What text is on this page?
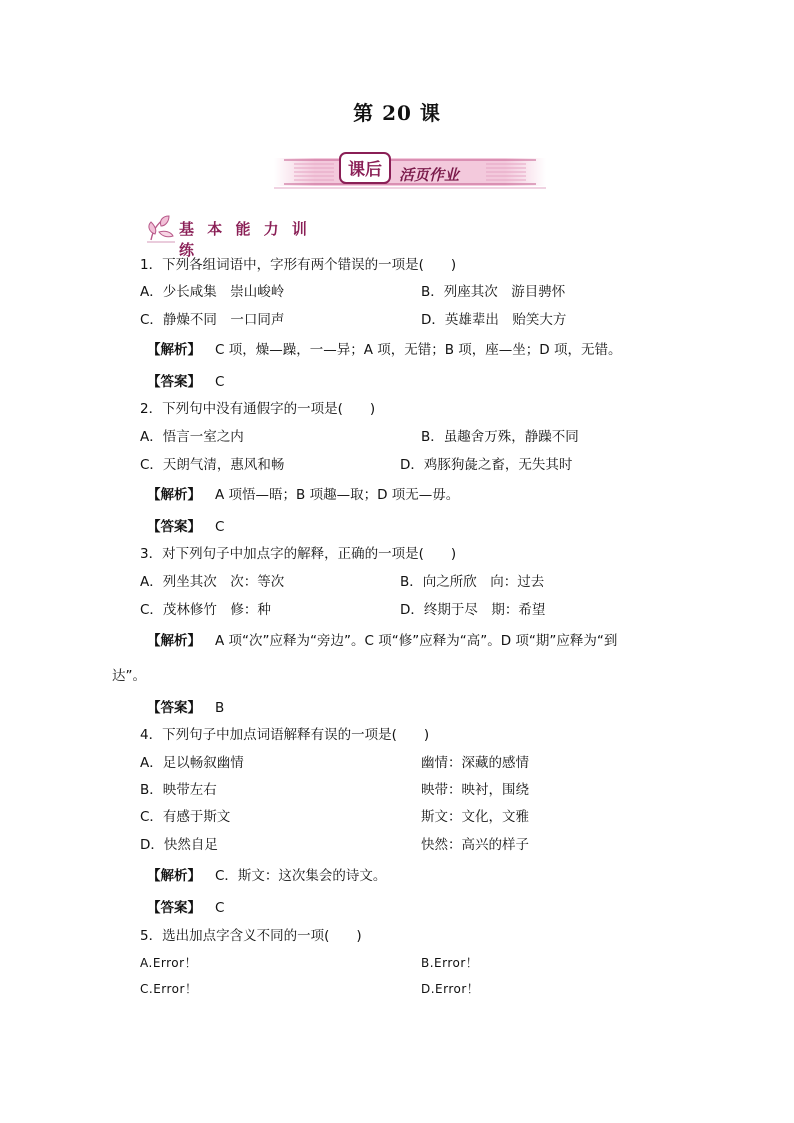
第 20 课
课后 活页作业
基 本 能 力 训 练
1．下列各组词语中，字形有两个错误的一项是(　　)
A．少长咸集　崇山峻岭	B．列座其次　游目骋怀
C．静燥不同　一口同声	D．英雄辈出　贻笑大方
【解析】 C 项，燥—躁，一—异；A 项，无错；B 项，座—坐；D 项，无错。
【答案】 C
2．下列句中没有通假字的一项是(　　)
A．悟言一室之内	B．虽趣舍万殊，静躁不同
C．天朗气清，惠风和畅	D．鸡豚狗彘之畜，无失其时
【解析】 A 项悟—晤；B 项趣—取；D 项无—毋。
【答案】 C
3．对下列句子中加点字的解释，正确的一项是(　　)
A．列坐其次　次：等次	B．向之所欣　向：过去
C．茂林修竹　修：种	D．终期于尽　期：希望
【解析】 A 项“次”应释为“旁边”。C 项“修”应释为“高”。D 项“期”应释为“到
达”。
【答案】 B
4．下列句子中加点词语解释有误的一项是(　　)
A．足以畅叙幽情	幽情：深藏的感情
B．映带左右	映带：映衬，围绕
C．有感于斯文	斯文：文化，文雅
D．快然自足	快然：高兴的样子
【解析】 C．斯文：这次集会的诗文。
【答案】 C
5．选出加点字含义不同的一项(　　)
A.Error！	B.Error！
C.Error！	D.Error！
